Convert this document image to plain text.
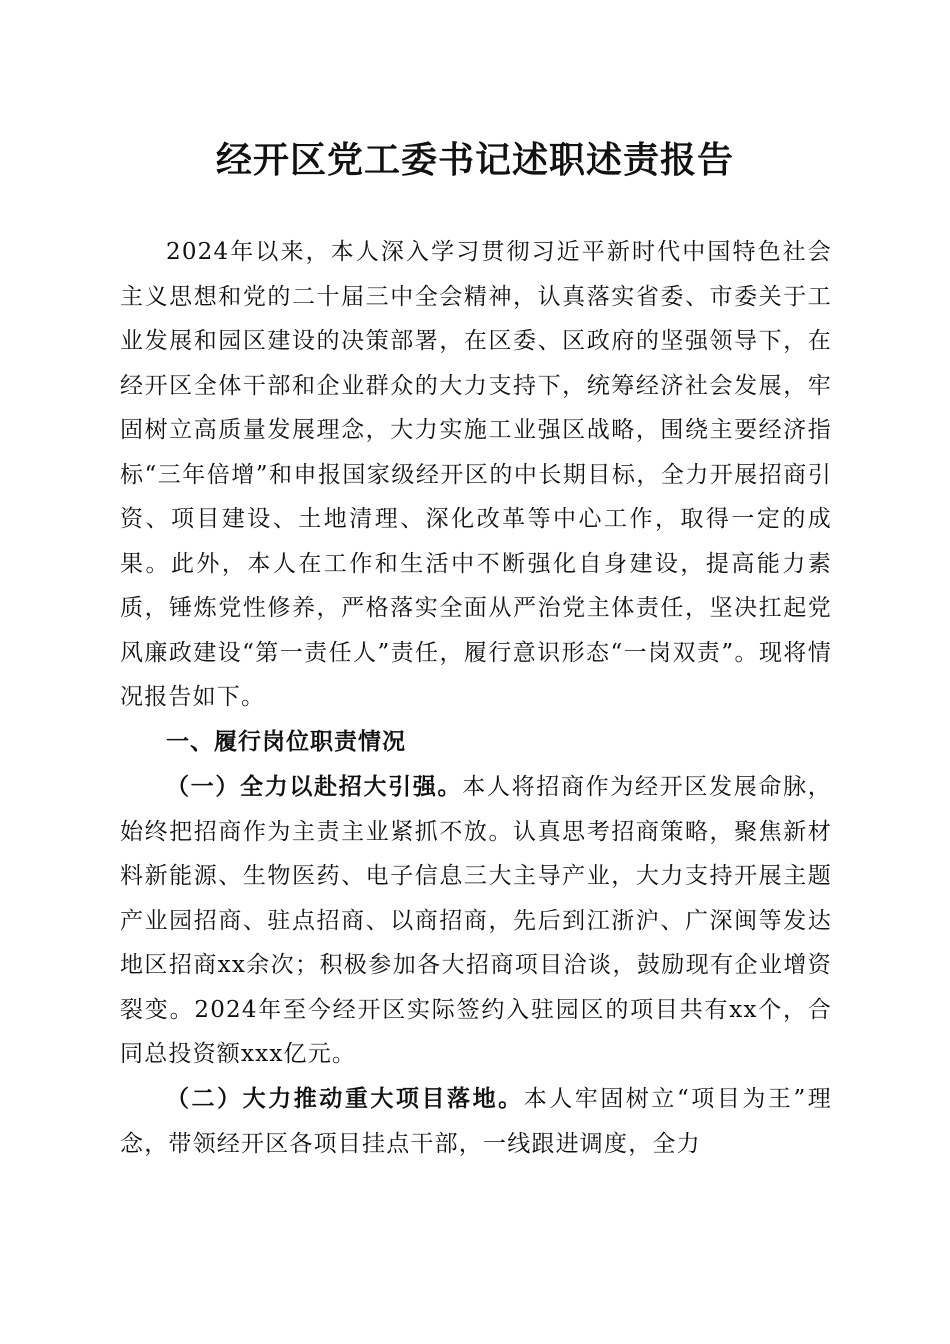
经开区党工委书记述职述责报告

2024年以来，本人深入学习贯彻习近平新时代中国特色社会主义思想和党的二十届三中全会精神，认真落实省委、市委关于工业发展和园区建设的决策部署，在区委、区政府的坚强领导下，在经开区全体干部和企业群众的大力支持下，统筹经济社会发展，牢固树立高质量发展理念，大力实施工业强区战略，围绕主要经济指标“三年倍增”和申报国家级经开区的中长期目标，全力开展招商引资、项目建设、土地清理、深化改革等中心工作，取得一定的成果。此外，本人在工作和生活中不断强化自身建设，提高能力素质，锤炼党性修养，严格落实全面从严治党主体责任，坚决扛起党风廉政建设“第一责任人”责任，履行意识形态“一岗双责”。现将情况报告如下。

一、履行岗位职责情况

（一）全力以赴招大引强。本人将招商作为经开区发展命脉，始终把招商作为主责主业紧抓不放。认真思考招商策略，聚焦新材料新能源、生物医药、电子信息三大主导产业，大力支持开展主题产业园招商、驻点招商、以商招商，先后到江浙沪、广深闽等发达地区招商xx余次；积极参加各大招商项目洽谈，鼓励现有企业增资裂变。2024年至今经开区实际签约入驻园区的项目共有xx个，合同总投资额xxx亿元。

（二）大力推动重大项目落地。本人牢固树立“项目为王”理念，带领经开区各项目挂点干部，一线跟进调度，全力
